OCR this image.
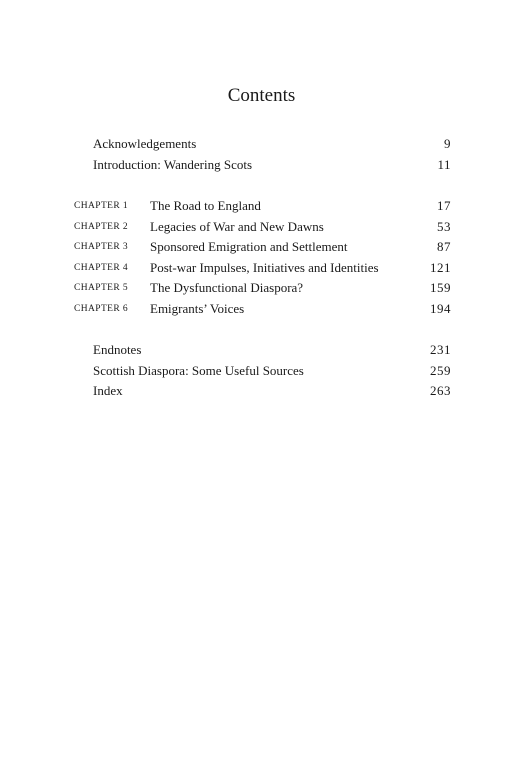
Contents
Acknowledgements	9
Introduction: Wandering Scots	11
CHAPTER 1 The Road to England	17
CHAPTER 2 Legacies of War and New Dawns	53
CHAPTER 3 Sponsored Emigration and Settlement	87
CHAPTER 4 Post-war Impulses, Initiatives and Identities	121
CHAPTER 5 The Dysfunctional Diaspora?	159
CHAPTER 6 Emigrants’ Voices	194
Endnotes	231
Scottish Diaspora: Some Useful Sources	259
Index	263
